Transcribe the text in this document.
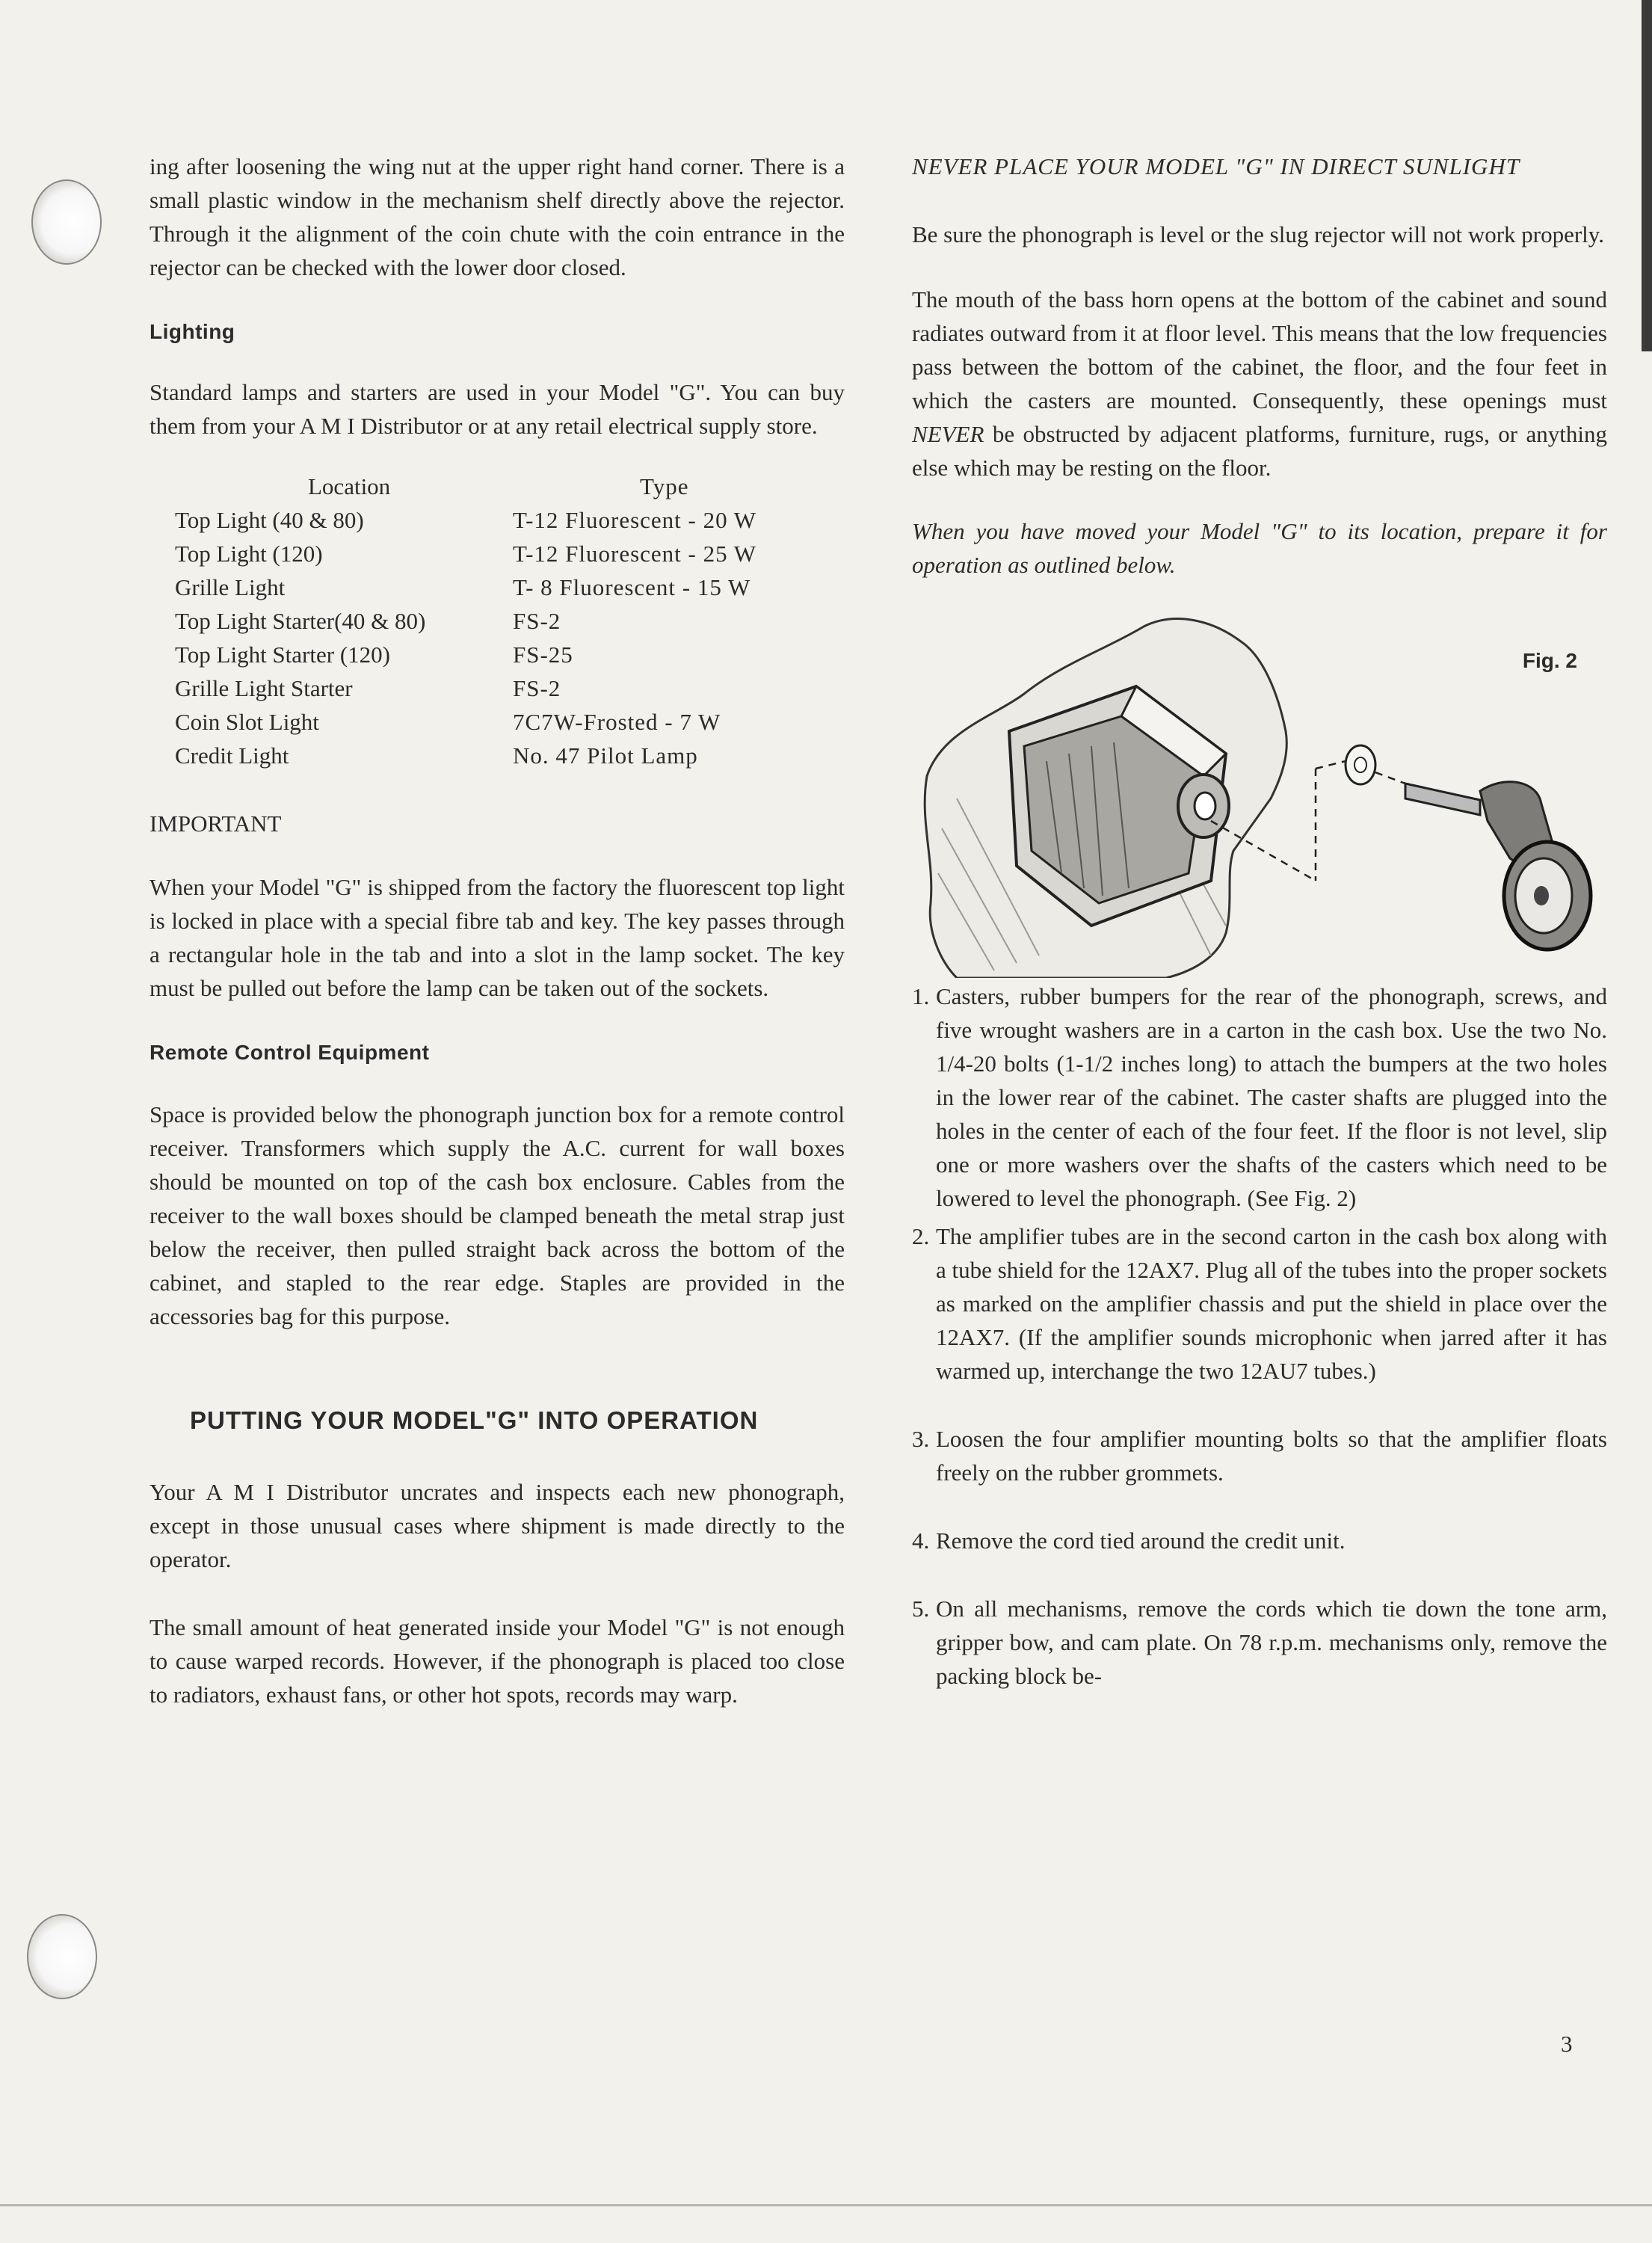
ing after loosening the wing nut at the upper right hand corner. There is a small plastic window in the mechanism shelf directly above the rejector. Through it the alignment of the coin chute with the coin entrance in the rejector can be checked with the lower door closed.

Lighting

Standard lamps and starters are used in your Model "G". You can buy them from your A M I Distributor or at any retail electrical supply store.

Location	Type
Top Light (40 & 80)	T-12 Fluorescent - 20 W
Top Light (120)	T-12 Fluorescent - 25 W
Grille Light	T- 8 Fluorescent - 15 W
Top Light Starter(40 & 80)	FS-2
Top Light Starter (120)	FS-25
Grille Light Starter	FS-2
Coin Slot Light	7C7W-Frosted - 7 W
Credit Light	No. 47 Pilot Lamp

IMPORTANT

When your Model "G" is shipped from the factory the fluorescent top light is locked in place with a special fibre tab and key. The key passes through a rectangular hole in the tab and into a slot in the lamp socket. The key must be pulled out before the lamp can be taken out of the sockets.

Remote Control Equipment

Space is provided below the phonograph junction box for a remote control receiver. Transformers which supply the A.C. current for wall boxes should be mounted on top of the cash box enclosure. Cables from the receiver to the wall boxes should be clamped beneath the metal strap just below the receiver, then pulled straight back across the bottom of the cabinet, and stapled to the rear edge. Staples are provided in the accessories bag for this purpose.

PUTTING YOUR MODEL"G" INTO OPERATION

Your A M I Distributor uncrates and inspects each new phonograph, except in those unusual cases where shipment is made directly to the operator.

The small amount of heat generated inside your Model "G" is not enough to cause warped records. However, if the phonograph is placed too close to radiators, exhaust fans, or other hot spots, records may warp.

NEVER PLACE YOUR MODEL "G" IN DIRECT SUNLIGHT

Be sure the phonograph is level or the slug rejector will not work properly.

The mouth of the bass horn opens at the bottom of the cabinet and sound radiates outward from it at floor level. This means that the low frequencies pass between the bottom of the cabinet, the floor, and the four feet in which the casters are mounted. Consequently, these openings must NEVER be obstructed by adjacent platforms, furniture, rugs, or anything else which may be resting on the floor.

When you have moved your Model "G" to its location, prepare it for operation as outlined below.

Fig. 2
1. Casters, rubber bumpers for the rear of the phonograph, screws, and five wrought washers are in a carton in the cash box. Use the two No. 1/4-20 bolts (1-1/2 inches long) to attach the bumpers at the two holes in the lower rear of the cabinet. The caster shafts are plugged into the holes in the center of each of the four feet. If the floor is not level, slip one or more washers over the shafts of the casters which need to be lowered to level the phonograph. (See Fig. 2)
2. The amplifier tubes are in the second carton in the cash box along with a tube shield for the 12AX7. Plug all of the tubes into the proper sockets as marked on the amplifier chassis and put the shield in place over the 12AX7. (If the amplifier sounds microphonic when jarred after it has warmed up, interchange the two 12AU7 tubes.)
3. Loosen the four amplifier mounting bolts so that the amplifier floats freely on the rubber grommets.
4. Remove the cord tied around the credit unit.
5. On all mechanisms, remove the cords which tie down the tone arm, gripper bow, and cam plate. On 78 r.p.m. mechanisms only, remove the packing block be-
3
